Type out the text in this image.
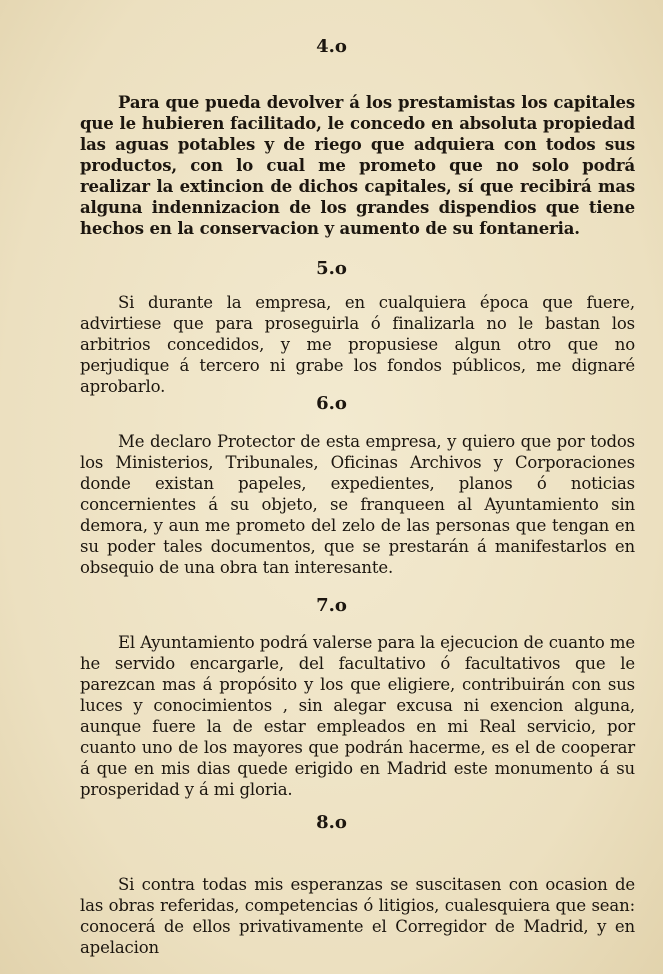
4.o
Para que pueda devolver á los prestamistas los capitales que le hubieren facilitado, le concedo en absoluta propiedad las aguas potables y de riego que adquiera con todos sus productos, con lo cual me prometo que no solo podrá realizar la extincion de dichos capitales, sí que recibirá mas alguna indennizacion de los grandes dispendios que tiene hechos en la conservacion y aumento de su fontaneria.
5.o
Si durante la empresa, en cualquiera época que fuere, advirtiese que para proseguirla ó finalizarla no le bastan los arbitrios concedidos, y me propusiese algun otro que no perjudique á tercero ni grabe los fondos públicos, me dignaré aprobarlo.
6.o
Me declaro Protector de esta empresa, y quiero que por todos los Ministerios, Tribunales, Oficinas Archivos y Corporaciones donde existan papeles, expedientes, planos ó noticias concernientes á su objeto, se franqueen al Ayuntamiento sin demora, y aun me prometo del zelo de las personas que tengan en su poder tales documentos, que se prestarán á manifestarlos en obsequio de una obra tan interesante.
7.o
El Ayuntamiento podrá valerse para la ejecucion de cuanto me he servido encargarle, del facultativo ó facultativos que le parezcan mas á propósito y los que eligiere, contribuirán con sus luces y conocimientos , sin alegar excusa ni exencion alguna, aunque fuere la de estar empleados en mi Real servicio, por cuanto uno de los mayores que podrán hacerme, es el de cooperar á que en mis dias quede erigido en Madrid este monumento á su prosperidad y á mi gloria.
8.o
Si contra todas mis esperanzas se suscitasen con ocasion de las obras referidas, competencias ó litigios, cualesquiera que sean: conocerá de ellos privativamente el Corregidor de Madrid, y en apelacion
